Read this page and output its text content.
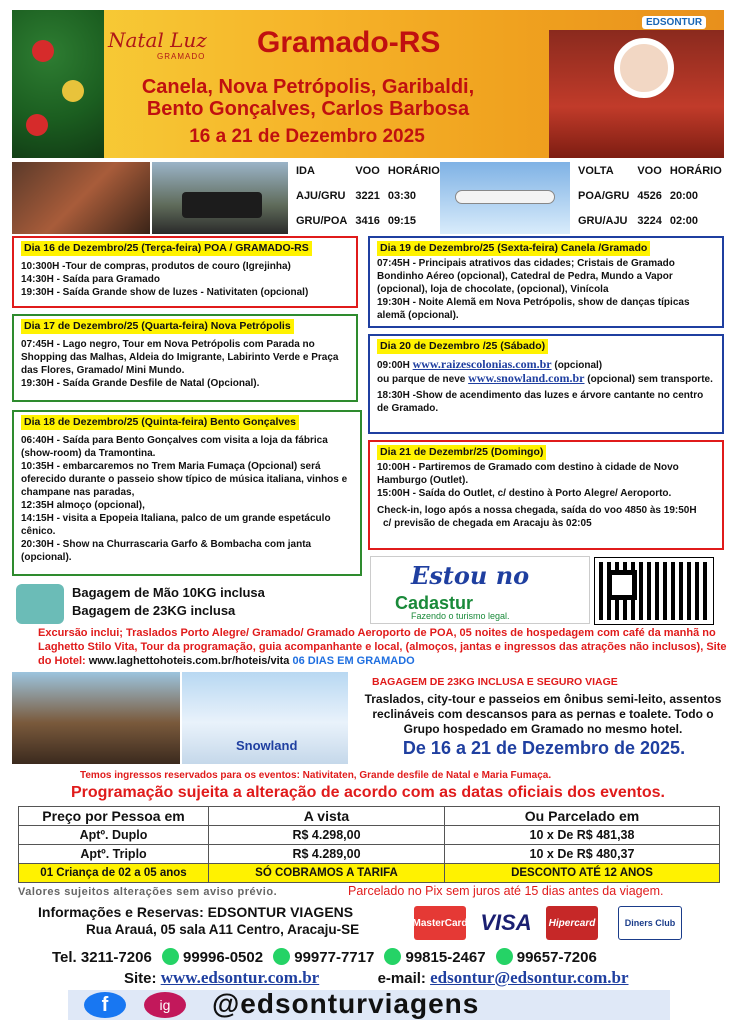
Natal Luz
GRAMADO Gramado-RS
EDSONTUR
Canela, Nova Petrópolis, Garibaldi,
Bento Gonçalves, Carlos Barbosa
16 a 21 de Dezembro 2025
IDA	VOO	HORÁRIO
AJU/GRU	3221	03:30
GRU/POA	3416	09:15
VOLTA	VOO	HORÁRIO
POA/GRU	4526	20:00
GRU/AJU	3224	02:00
Dia 16 de Dezembro/25 (Terça-feira) POA / GRAMADO-RS

10:300H -Tour de compras, produtos de couro (Igrejinha)

14:30H - Saída para Gramado

19:30H - Saída Grande show de luzes - Nativitaten (opcional)

Dia 17 de Dezembro/25 (Quarta-feira) Nova Petrópolis

07:45H - Lago negro, Tour em Nova Petrópolis com Parada no Shopping das Malhas, Aldeia do Imigrante, Labirinto Verde e Praça das Flores, Gramado/ Mini Mundo.

19:30H - Saída Grande Desfile de Natal (Opcional).

Dia 18 de Dezembro/25 (Quinta-feira) Bento Gonçalves

06:40H - Saída para Bento Gonçalves com visita a loja da fábrica (show-room) da Tramontina.

10:35H - embarcaremos no Trem Maria Fumaça (Opcional) será oferecido durante o passeio show típico de música italiana, vinhos e champane nas paradas,

12:35H almoço (opcional),

14:15H - visita a Epopeia Italiana, palco de um grande espetáculo cênico.

20:30H - Show na Churrascaria Garfo & Bombacha com janta (opcional).

Dia 19 de Dezembro/25 (Sexta-feira) Canela /Gramado

07:45H - Principais atrativos das cidades; Cristais de Gramado Bondinho Aéreo (opcional), Catedral de Pedra, Mundo a Vapor (opcional), loja de chocolate, (opcional), Vinícola

19:30H - Noite Alemã em Nova Petrópolis, show de danças típicas alemã (opcional).

Dia 20 de Dezembro /25 (Sábado)

09:00H www.raizescolonias.com.br (opcional)

ou parque de neve www.snowland.com.br (opcional) sem transporte.

18:30H -Show de acendimento das luzes e árvore cantante no centro de Gramado.

Dia 21 de Dezembr/25 (Domingo)

10:00H - Partiremos de Gramado com destino à cidade de Novo Hamburgo (Outlet).

15:00H - Saída do Outlet, c/ destino à Porto Alegre/ Aeroporto.

Check-in, logo após a nossa chegada, saída do voo 4850 às 19:50H

c/ previsão de chegada em Aracaju às 02:05

Bagagem de Mão 10KG inclusa
Bagagem de 23KG inclusa
Estou no
Cadastur
Fazendo o turismo legal.
Excursão inclui; Traslados Porto Alegre/ Gramado/ Gramado Aeroporto de POA, 05 noites de hospedagem com café da manhã no Laghetto Stilo Vita, Tour da programação, guia acompanhante e local, (almoços, jantas e ingressos das atrações não inclusos), Site do Hotel: www.laghettohoteis.com.br/hoteis/vita 06 DIAS EM GRAMADO
Snowland
BAGAGEM DE 23KG INCLUSA E SEGURO VIAGE
Traslados, city-tour e passeios em ônibus semi-leito, assentos reclináveis com descansos para as pernas e toalete. Todo o Grupo hospedado em Gramado no mesmo hotel.
De 16 a 21 de Dezembro de 2025.
Temos ingressos reservados para os eventos: Nativitaten, Grande desfile de Natal e Maria Fumaça.
Programação sujeita a alteração de acordo com as datas oficiais dos eventos.
Preço por Pessoa em	A vista	Ou Parcelado em
Aptº. Duplo	R$ 4.298,00	10 x De R$ 481,38
Aptº. Triplo	R$ 4.289,00	10 x De R$ 480,37
01 Criança de 02 a 05 anos	SÓ COBRAMOS A TARIFA	DESCONTO ATÉ 12 ANOS
Valores sujeitos alterações sem aviso prévio.	Parcelado no Pix sem juros até 15 dias antes da viagem.
Informações e Reservas: EDSONTUR VIAGENS
Rua Arauá, 05 sala A11 Centro, Aracaju-SE	MasterCard VISA Hipercard	Diners Club
Tel. 3211-7206 99996-0502 99977-7717 99815-2467 99657-7206
Site: www.edsontur.com.br	e-mail: edsontur@edsontur.com.br
f	ig	@edsonturviagens
